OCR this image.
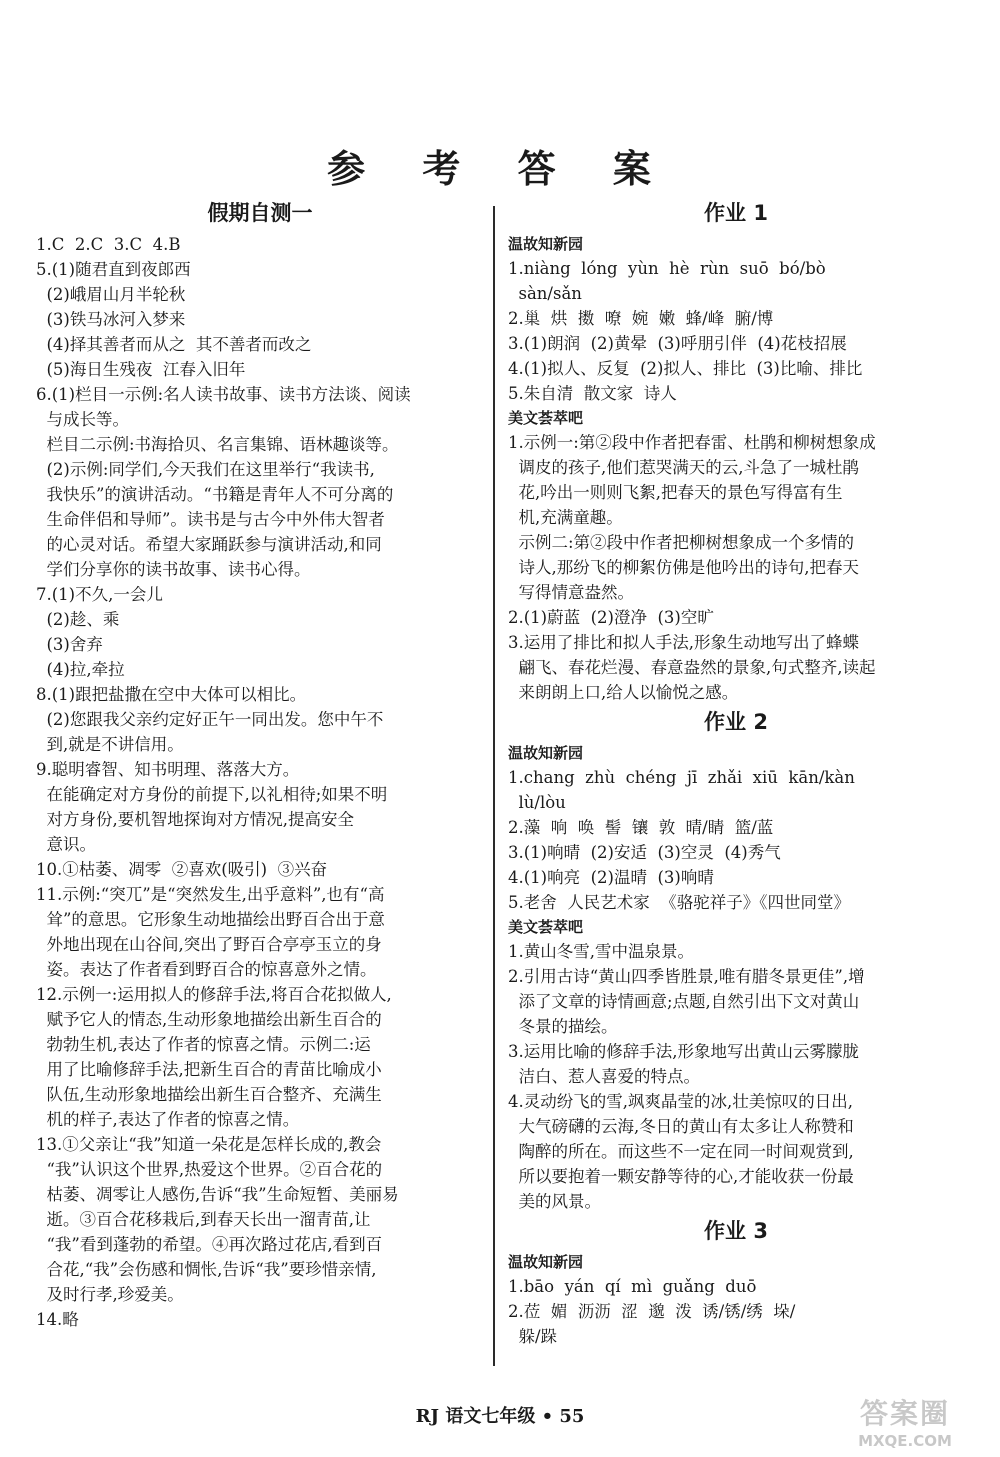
参 考 答 案
假期自测一
1.C  2.C  3.C  4.B
5.(1)随君直到夜郎西
(2)峨眉山月半轮秋
(3)铁马冰河入梦来
(4)择其善者而从之  其不善者而改之
(5)海日生残夜  江春入旧年
6.(1)栏目一示例:名人读书故事、读书方法谈、阅读
与成长等。
栏目二示例:书海拾贝、名言集锦、语林趣谈等。
(2)示例:同学们,今天我们在这里举行“我读书,
我快乐”的演讲活动。“书籍是青年人不可分离的
生命伴侣和导师”。读书是与古今中外伟大智者
的心灵对话。希望大家踊跃参与演讲活动,和同
学们分享你的读书故事、读书心得。
7.(1)不久,一会儿
(2)趁、乘
(3)舍弃
(4)拉,牵拉
8.(1)跟把盐撒在空中大体可以相比。
(2)您跟我父亲约定好正午一同出发。您中午不
到,就是不讲信用。
9.聪明睿智、知书明理、落落大方。
在能确定对方身份的前提下,以礼相待;如果不明
对方身份,要机智地探询对方情况,提高安全
意识。
10.①枯萎、凋零  ②喜欢(吸引)  ③兴奋
11.示例:“突兀”是“突然发生,出乎意料”,也有“高
耸”的意思。它形象生动地描绘出野百合出于意
外地出现在山谷间,突出了野百合亭亭玉立的身
姿。表达了作者看到野百合的惊喜意外之情。
12.示例一:运用拟人的修辞手法,将百合花拟做人,
赋予它人的情态,生动形象地描绘出新生百合的
勃勃生机,表达了作者的惊喜之情。示例二:运
用了比喻修辞手法,把新生百合的青苗比喻成小
队伍,生动形象地描绘出新生百合整齐、充满生
机的样子,表达了作者的惊喜之情。
13.①父亲让“我”知道一朵花是怎样长成的,教会
“我”认识这个世界,热爱这个世界。②百合花的
枯萎、凋零让人感伤,告诉“我”生命短暂、美丽易
逝。③百合花移栽后,到春天长出一溜青苗,让
“我”看到蓬勃的希望。④再次路过花店,看到百
合花,“我”会伤感和惆怅,告诉“我”要珍惜亲情,
及时行孝,珍爱美。
14.略
作业 1
温故知新园
1.niàng  lóng  yùn  hè  rùn  suō  bó/bò
sàn/sǎn
2.巢  烘  擞  嘹  婉  嫩  蜂/峰  腑/博
3.(1)朗润  (2)黄晕  (3)呼朋引伴  (4)花枝招展
4.(1)拟人、反复  (2)拟人、排比  (3)比喻、排比
5.朱自清  散文家  诗人
美文荟萃吧
1.示例一:第②段中作者把春雷、杜鹃和柳树想象成
调皮的孩子,他们惹哭满天的云,斗急了一城杜鹃
花,吟出一则则飞絮,把春天的景色写得富有生
机,充满童趣。
示例二:第②段中作者把柳树想象成一个多情的
诗人,那纷飞的柳絮仿佛是他吟出的诗句,把春天
写得情意盎然。
2.(1)蔚蓝  (2)澄净  (3)空旷
3.运用了排比和拟人手法,形象生动地写出了蜂蝶
翩飞、春花烂漫、春意盎然的景象,句式整齐,读起
来朗朗上口,给人以愉悦之感。
作业 2
温故知新园
1.chang  zhù  chéng  jī  zhǎi  xiū  kān/kàn
lù/lòu
2.藻  响  唤  髻  镶  敦  晴/睛  篮/蓝
3.(1)响晴  (2)安适  (3)空灵  (4)秀气
4.(1)响亮  (2)温晴  (3)响晴
5.老舍  人民艺术家  《骆驼祥子》《四世同堂》
美文荟萃吧
1.黄山冬雪,雪中温泉景。
2.引用古诗“黄山四季皆胜景,唯有腊冬景更佳”,增
添了文章的诗情画意;点题,自然引出下文对黄山
冬景的描绘。
3.运用比喻的修辞手法,形象地写出黄山云雾朦胧
洁白、惹人喜爱的特点。
4.灵动纷飞的雪,飒爽晶莹的冰,壮美惊叹的日出,
大气磅礴的云海,冬日的黄山有太多让人称赞和
陶醉的所在。而这些不一定在同一时间观赏到,
所以要抱着一颗安静等待的心,才能收获一份最
美的风景。
作业 3
温故知新园
1.bāo  yán  qí  mì  guǎng  duō
2.莅  媚  沥沥  涩  邈  泼  诱/锈/绣  垛/
躲/跺
RJ 语文七年级 • 55	答案圈
MXQE.COM
